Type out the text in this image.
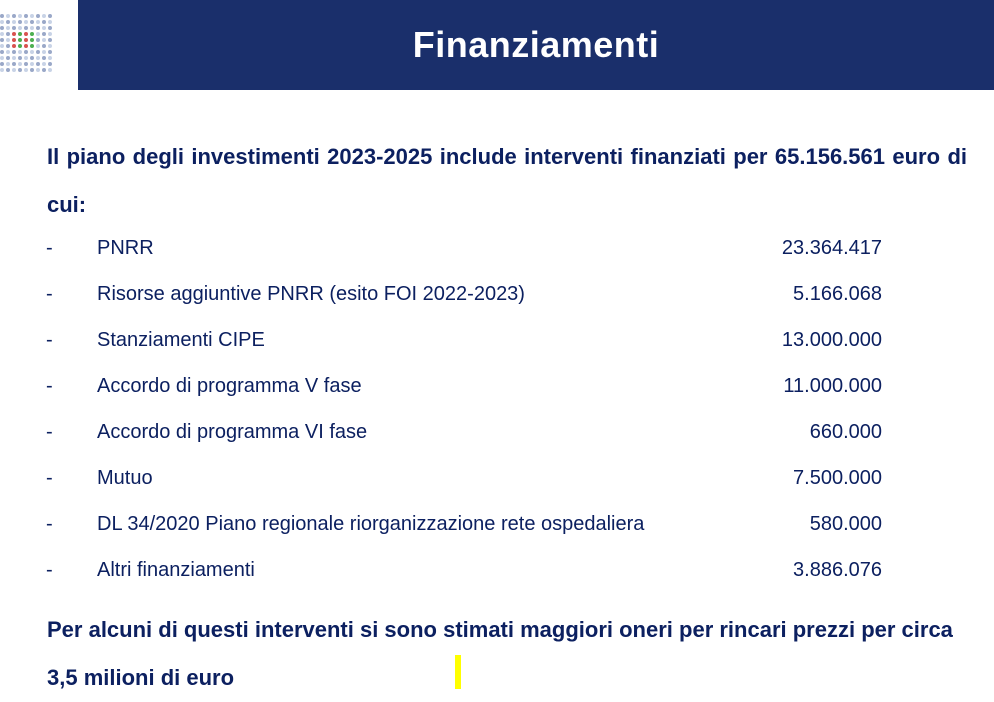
Finanziamenti
Il piano degli investimenti 2023-2025 include interventi finanziati per 65.156.561 euro di cui:
- PNRR	23.364.417
- Risorse aggiuntive PNRR (esito FOI 2022-2023)	5.166.068
- Stanziamenti CIPE	13.000.000
- Accordo di programma V fase	11.000.000
- Accordo di programma VI fase	660.000
- Mutuo	7.500.000
- DL 34/2020 Piano regionale riorganizzazione rete ospedaliera	580.000
- Altri finanziamenti	3.886.076
Per alcuni di questi interventi si sono stimati maggiori oneri per rincari prezzi per circa 3,5 milioni di euro
